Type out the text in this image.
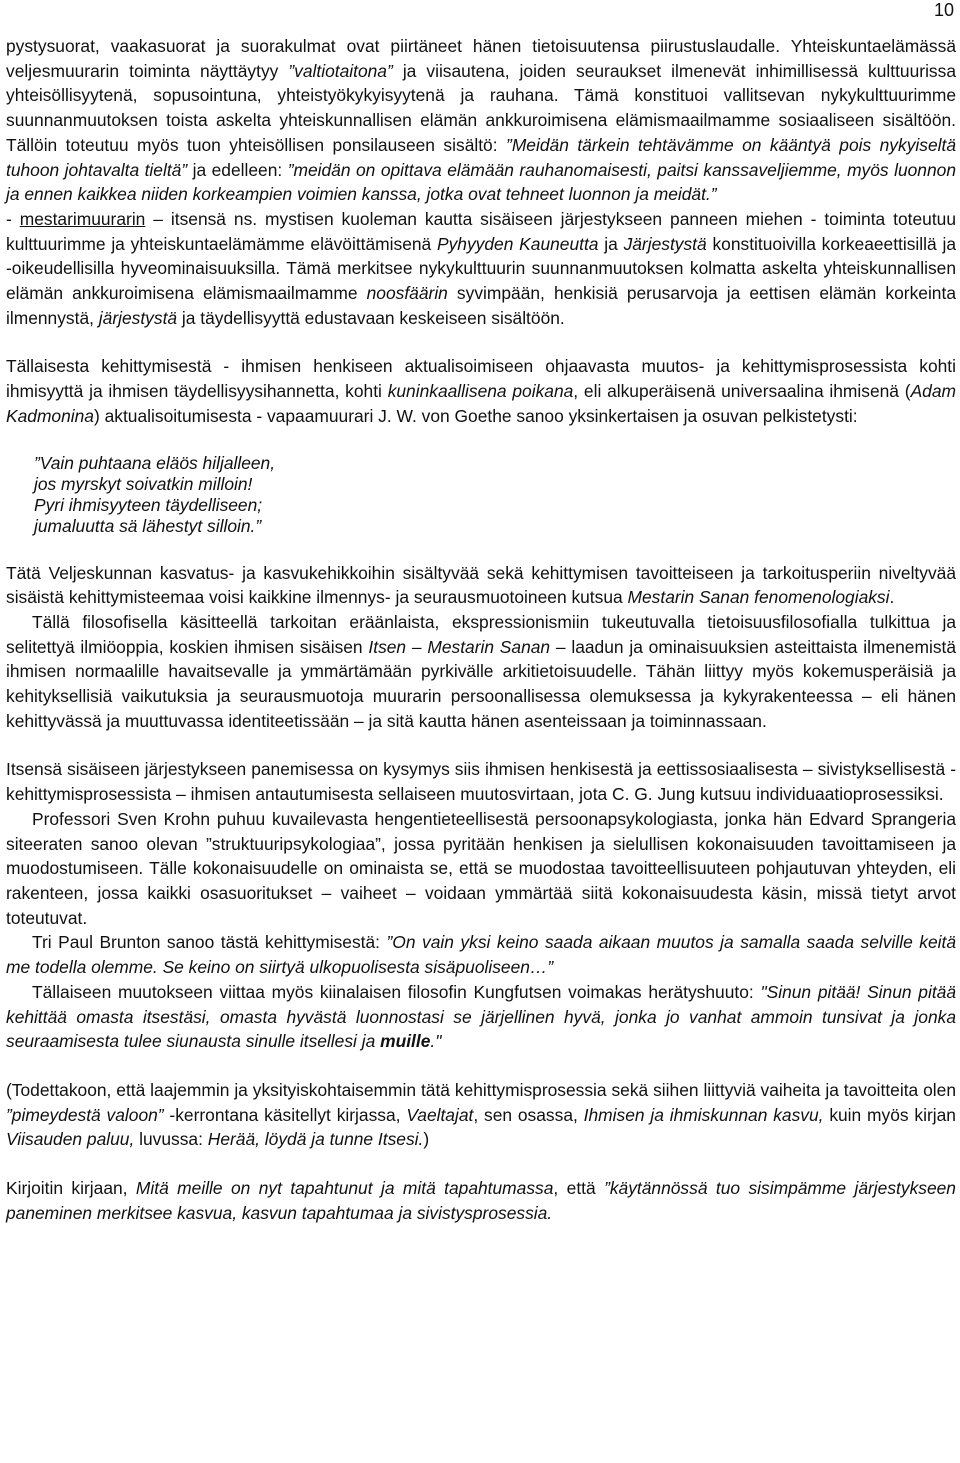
10

pystysuorat, vaakasuorat ja suorakulmat ovat piirtäneet hänen tietoisuutensa piirustuslaudalle. Yhteiskuntaelämässä veljesmuurarin toiminta näyttäytyy ”valtiotaitona” ja viisautena, joiden seuraukset ilmenevät inhimillisessä kulttuurissa yhteisöllisyytenä, sopusointuna, yhteistyökykyisyytenä ja rauhana. Tämä konstituoi vallitsevan nykykulttuurimme suunnanmuutoksen toista askelta yhteiskunnallisen elämän ankkuroimisena elämismaailmamme sosiaaliseen sisältöön. Tällöin toteutuu myös tuon yhteisöllisen ponsilauseen sisältö: ”Meidän tärkein tehtävämme on kääntyä pois nykyiseltä tuhoon johtavalta tieltä” ja edelleen: ”meidän on opittava elämään rauhanomaisesti, paitsi kanssaveljiemme, myös luonnon ja ennen kaikkea niiden korkeampien voimien kanssa, jotka ovat tehneet luonnon ja meidät.”

- mestarimuurarin – itsensä ns. mystisen kuoleman kautta sisäiseen järjestykseen panneen miehen - toiminta toteutuu kulttuurimme ja yhteiskuntaelämämme elävöittämisenä Pyhyyden Kauneutta ja Järjestystä konstituoivilla korkeaeettisillä ja -oikeudellisilla hyveominaisuuksilla. Tämä merkitsee nykykulttuurin suunnanmuutoksen kolmatta askelta yhteiskunnallisen elämän ankkuroimisena elämismaailmamme noosfäärin syvimpään, henkisiä perusarvoja ja eettisen elämän korkeinta ilmennystä, järjestystä ja täydellisyyttä edustavaan keskeiseen sisältöön.

Tällaisesta kehittymisestä - ihmisen henkiseen aktualisoimiseen ohjaavasta muutos- ja kehittymisprosessista kohti ihmisyyttä ja ihmisen täydellisyysihannetta, kohti kuninkaallisena poikana, eli alkuperäisenä universaalina ihmisenä (Adam Kadmonina) aktualisoitumisesta - vapaamuurari J. W. von Goethe sanoo yksinkertaisen ja osuvan pelkistetysti:

”Vain puhtaana eläös hiljalleen,
jos myrskyt soivatkin milloin!
Pyri ihmisyyteen täydelliseen;
jumaluutta sä lähestyt silloin.”

Tätä Veljeskunnan kasvatus- ja kasvukehikkoihin sisältyvää sekä kehittymisen tavoitteiseen ja tarkoitusperiin niveltyvää sisäistä kehittymisteemaa voisi kaikkine ilmennys- ja seurausmuotoineen kutsua Mestarin Sanan fenomenologiaksi.

Tällä filosofisella käsitteellä tarkoitan eräänlaista, ekspressionismiin tukeutuvalla tietoisuusfilosofialla tulkittua ja selitettyä ilmiöoppia, koskien ihmisen sisäisen Itsen – Mestarin Sanan – laadun ja ominaisuuksien asteittaista ilmenemistä ihmisen normaalille havaitsevalle ja ymmärtämään pyrkivälle arkitietoisuudelle. Tähän liittyy myös kokemusperäisiä ja kehityksellisiä vaikutuksia ja seurausmuotoja muurarin persoonallisessa olemuksessa ja kykyrakenteessa – eli hänen kehittyvässä ja muuttuvassa identiteetissään – ja sitä kautta hänen asenteissaan ja toiminnassaan.

Itsensä sisäiseen järjestykseen panemisessa on kysymys siis ihmisen henkisestä ja eettissosiaalisesta – sivistyksellisestä - kehittymisprosessista – ihmisen antautumisesta sellaiseen muutosvirtaan, jota C. G. Jung kutsuu individuaatioprosessiksi.

Professori Sven Krohn puhuu kuvailevasta hengentieteellisestä persoonapsykologiasta, jonka hän Edvard Sprangeria siteeraten sanoo olevan ”struktuuripsykologiaa”, jossa pyritään henkisen ja sielullisen kokonaisuuden tavoittamiseen ja muodostumiseen. Tälle kokonaisuudelle on ominaista se, että se muodostaa tavoitteellisuuteen pohjautuvan yhteyden, eli rakenteen, jossa kaikki osasuoritukset – vaiheet – voidaan ymmärtää siitä kokonaisuudesta käsin, missä tietyt arvot toteutuvat.

Tri Paul Brunton sanoo tästä kehittymisestä: ”On vain yksi keino saada aikaan muutos ja samalla saada selville keitä me todella olemme. Se keino on siirtyä ulkopuolisesta sisäpuoliseen…”

Tällaiseen muutokseen viittaa myös kiinalaisen filosofin Kungfutsen voimakas herätyshuuto: "Sinun pitää! Sinun pitää kehittää omasta itsestäsi, omasta hyvästä luonnostasi se järjellinen hyvä, jonka jo vanhat ammoin tunsivat ja jonka seuraamisesta tulee siunausta sinulle itsellesi ja muille."

(Todettakoon, että laajemmin ja yksityiskohtaisemmin tätä kehittymisprosessia sekä siihen liittyviä vaiheita ja tavoitteita olen ”pimeydestä valoon” -kerrontana käsitellyt kirjassa, Vaeltajat, sen osassa, Ihmisen ja ihmiskunnan kasvu, kuin myös kirjan Viisauden paluu, luvussa: Herää, löydä ja tunne Itsesi.)

Kirjoitin kirjaan, Mitä meille on nyt tapahtunut ja mitä tapahtumassa, että ”käytännössä tuo sisimpämme järjestykseen paneminen merkitsee kasvua, kasvun tapahtumaa ja sivistysprosessia.
